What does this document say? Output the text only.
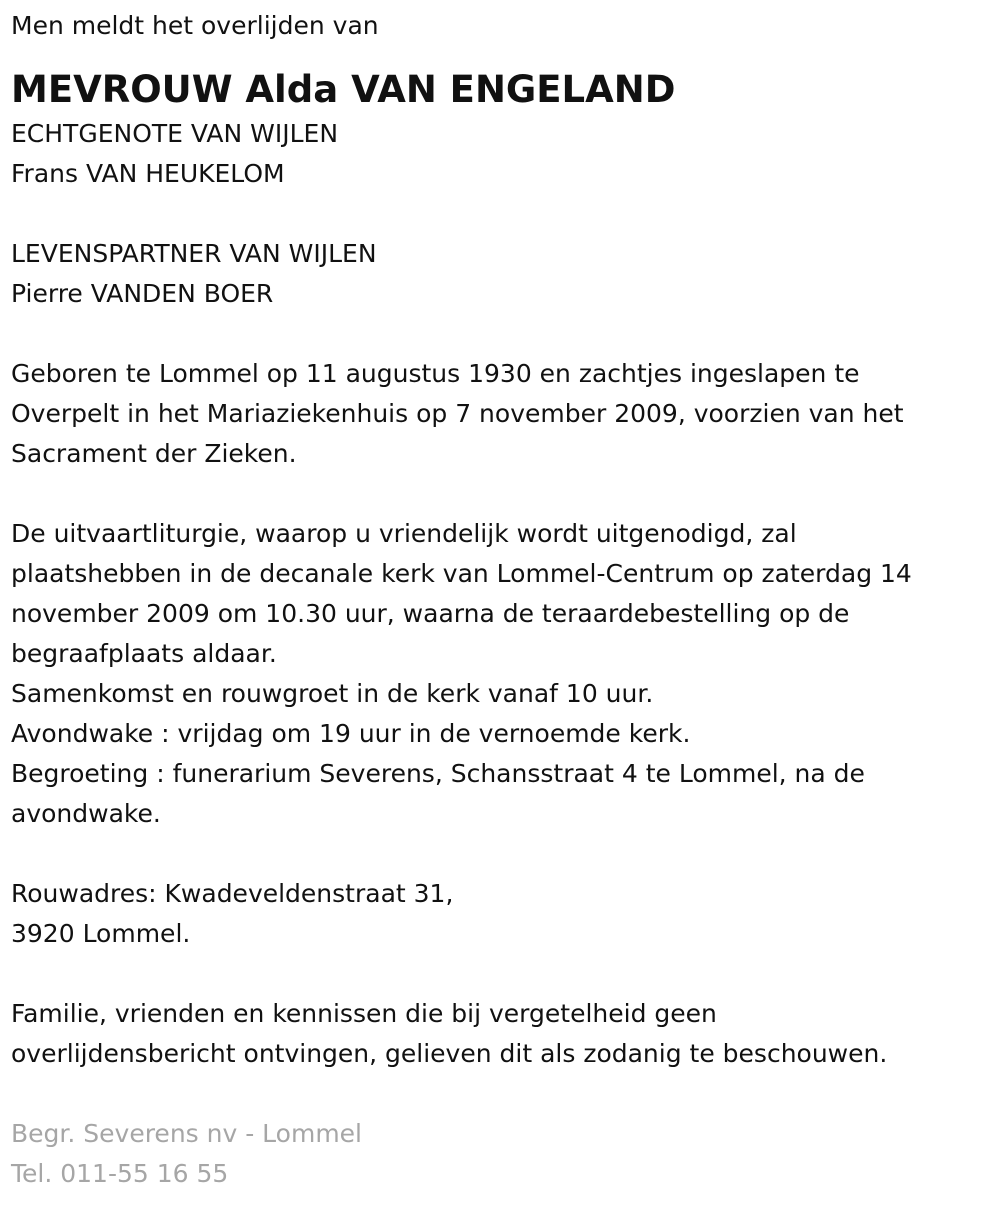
Men meldt het overlijden van

MEVROUW Alda VAN ENGELAND

ECHTGENOTE VAN WIJLEN

Frans VAN HEUKELOM

LEVENSPARTNER VAN WIJLEN

Pierre VANDEN BOER

Geboren te Lommel op 11 augustus 1930 en zachtjes ingeslapen te

Overpelt in het Mariaziekenhuis op 7 november 2009, voorzien van het

Sacrament der Zieken.

De uitvaartliturgie, waarop u vriendelijk wordt uitgenodigd, zal

plaatshebben in de decanale kerk van Lommel-Centrum op zaterdag 14

november 2009 om 10.30 uur, waarna de teraardebestelling op de

begraafplaats aldaar.

Samenkomst en rouwgroet in de kerk vanaf 10 uur.

Avondwake : vrijdag om 19 uur in de vernoemde kerk.

Begroeting : funerarium Severens, Schansstraat 4 te Lommel, na de

avondwake.

Rouwadres: Kwadeveldenstraat 31,

3920 Lommel.

Familie, vrienden en kennissen die bij vergetelheid geen

overlijdensbericht ontvingen, gelieven dit als zodanig te beschouwen.

Begr. Severens nv - Lommel

Tel. 011-55 16 55
